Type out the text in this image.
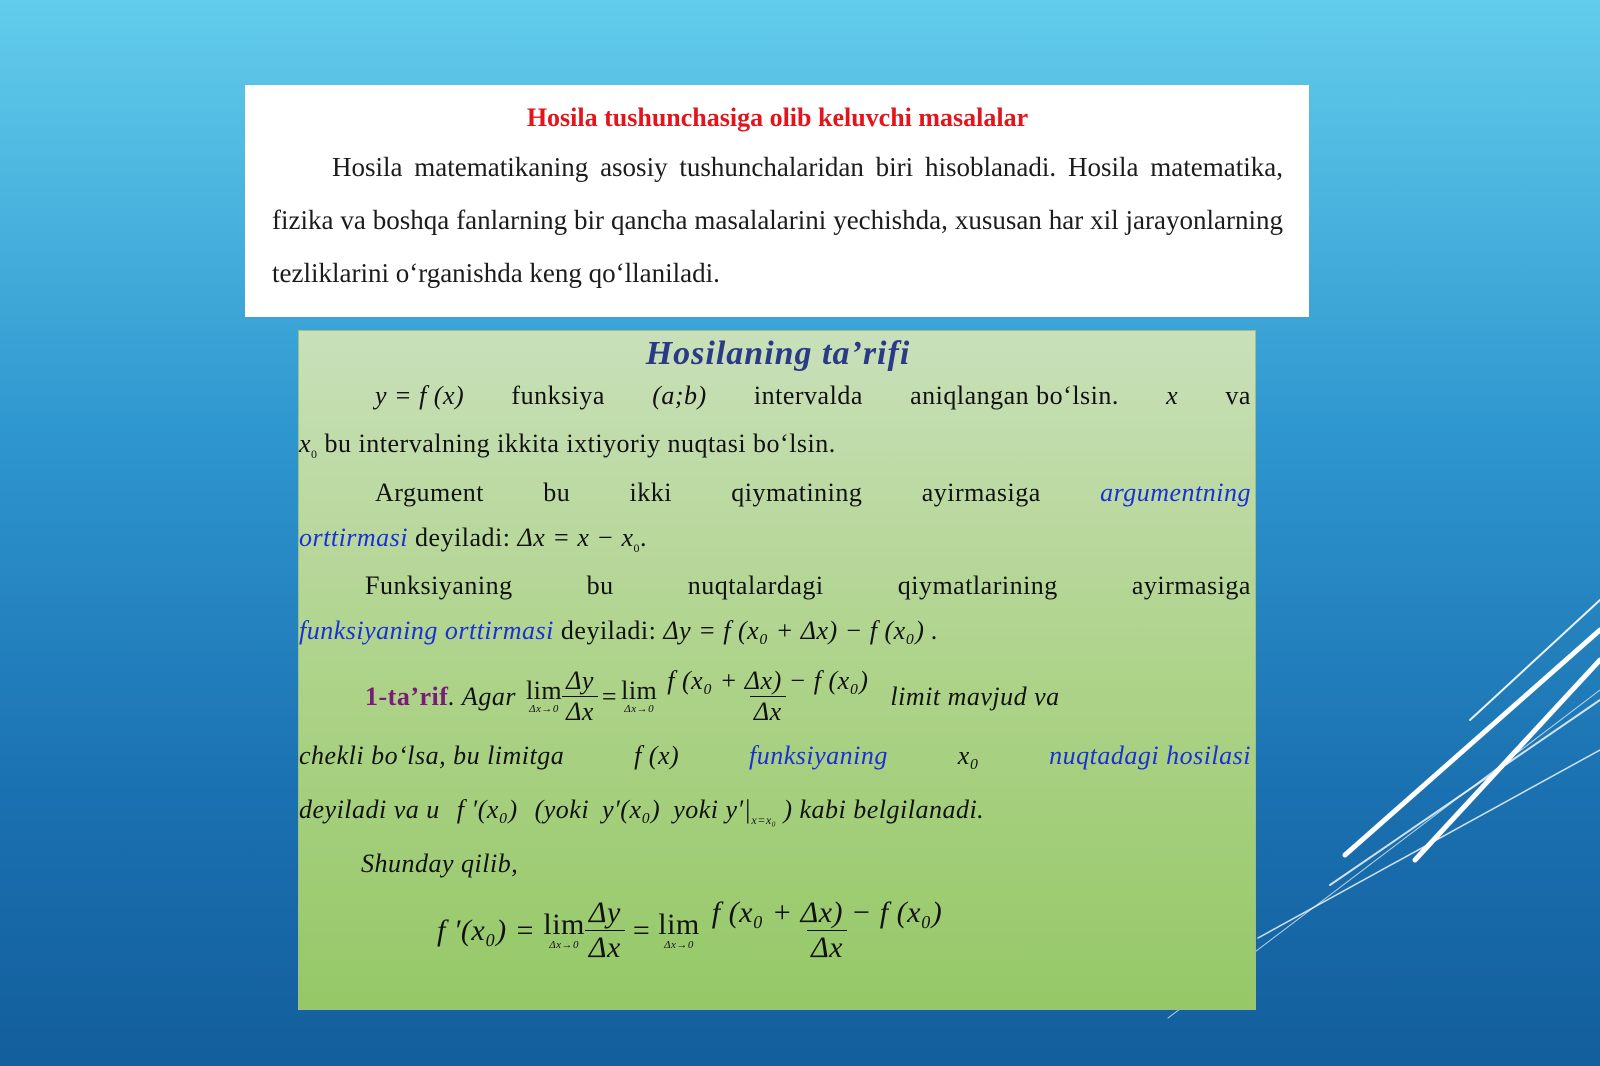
Hosila tushunchasiga olib keluvchi masalalar

Hosila matematikaning asosiy tushunchalaridan biri hisoblanadi. Hosila matematika, fizika va boshqa fanlarning bir qancha masalalarini yechishda, xususan har xil jarayonlarning tezliklarini o‘rganishda keng qo‘llaniladi.

Hosilaning ta’rifi
y = f (x) funksiya (a;b) intervalda aniqlangan bo‘lsin. x va
$x_0$ bu intervalning ikkita ixtiyoriy nuqtasi bo‘lsin.
Argument bu ikki qiymatining ayirmasiga argumentning
orttirmasi deyiladi: $\Delta x = x - x_0$.
Funksiyaning	bu	nuqtalardagi	qiymatlarining	ayirmasiga
funksiyaning orttirmasi deyiladi: Δy = f (x₀ + Δx) − f (x₀) .
1-ta’rif . Agar lim
$\Delta x\to 0 \frac{\Delta y}{\Delta x} = \lim$
$\Delta x\to 0 \frac{\text{f (x₀ + Δx) − f (x₀)}}{\Delta x}$ limit mavjud va
chekli bo‘lsa, bu limitga	f (x)	funksiyaning	x₀	nuqtadagi hosilasi
deyiladi va u f ′(x₀) (yoki y′(x₀) yoki $y'|_{x=x_0}$ ) kabi belgilanadi.
Shunday qilib,
f ′(x₀) = lim
$\Delta x\to 0 \frac{\Delta y}{\Delta x} = \lim$
$\Delta x\to 0 \frac{\text{f (x₀ + Δx) − f (x₀)}}{\Delta x}$
